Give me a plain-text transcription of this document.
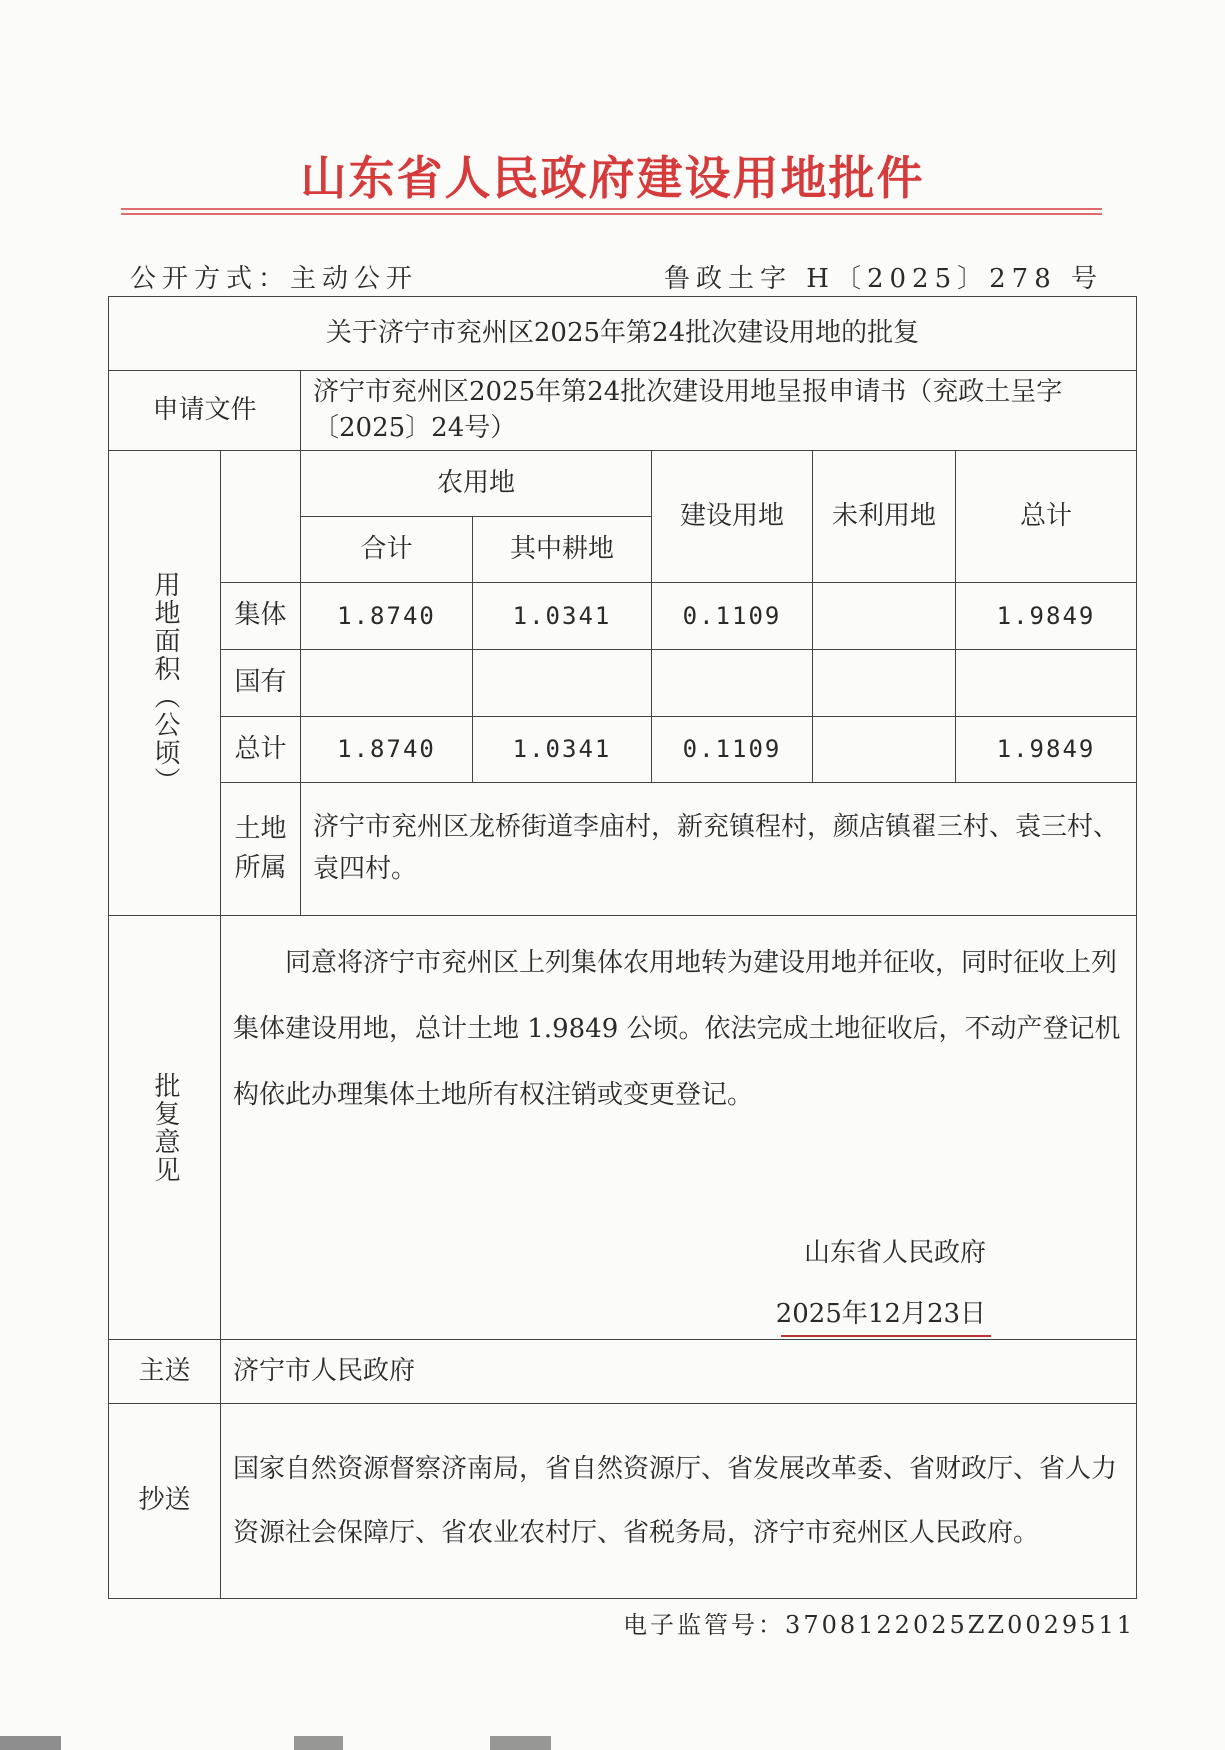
山东省人民政府建设用地批件
公开方式：主动公开	鲁政土字 H〔2025〕278 号
关于济宁市兖州区2025年第24批次建设用地的批复						
申请文件		济宁市兖州区2025年第24批次建设用地呈报申请书（兖政土呈字〔2025〕24号）				

用地面积（公顷）		农用地		建设用地	未利用地	总计
		合计	其中耕地			
	集体	1.8740	1.0341	0.1109		1.9849
	国有					
	总计	1.8740	1.0341	0.1109		1.9849

	土地所属	济宁市兖州区龙桥街道李庙村，新兖镇程村，颜店镇翟三村、袁三村、袁四村。				

批复意见	同意将济宁市兖州区上列集体农用地转为建设用地并征收，同时征收上列集体建设用地，总计土地 1.9849 公顷。依法完成土地征收后，不动产登记机构依此办理集体土地所有权注销或变更登记。
山东省人民政府
2025年12月23日					

主送	济宁市人民政府					
抄送	国家自然资源督察济南局，省自然资源厅、省发展改革委、省财政厅、省人力资源社会保障厅、省农业农村厅、省税务局，济宁市兖州区人民政府。					
电子监管号：3708122025ZZ0029511
